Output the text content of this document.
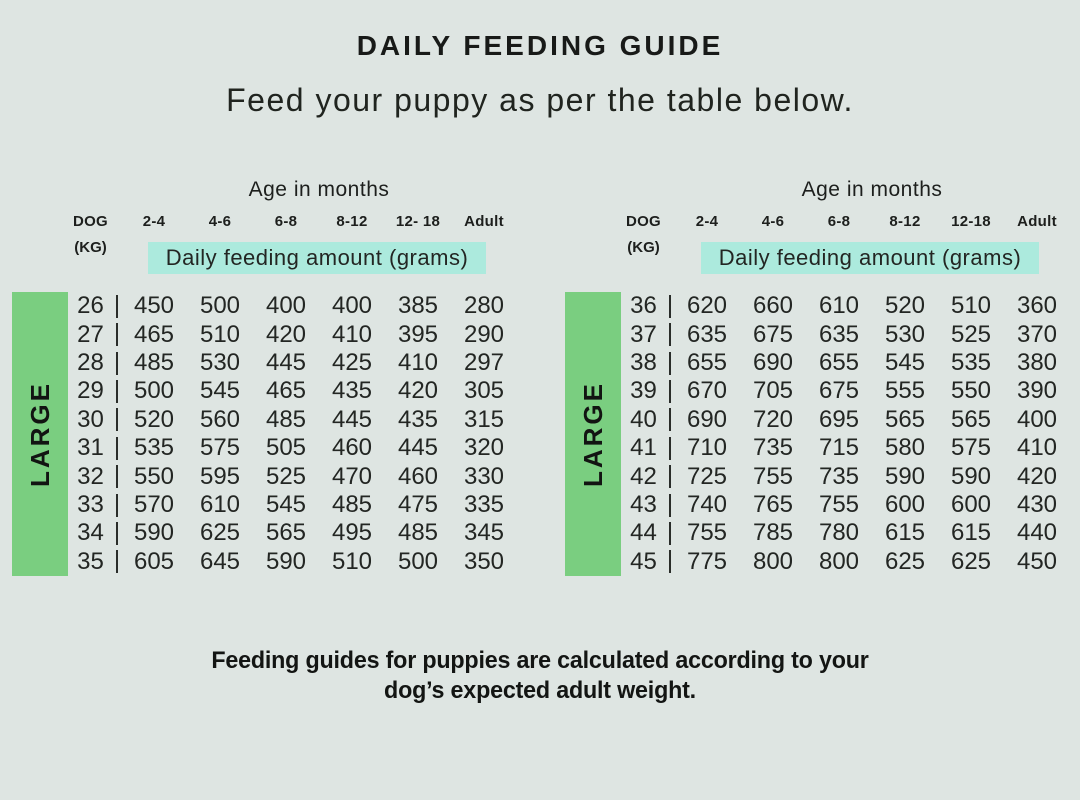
DAILY FEEDING GUIDE
Feed your puppy as per the table below.
Age in months
DOG	2-4	4-6	6-8	8-12	12- 18	Adult
(KG)	Daily feeding amount (grams)
LARGE
26	450	500	400	400	385	280
27	465	510	420	410	395	290
28	485	530	445	425	410	297
29	500	545	465	435	420	305
30	520	560	485	445	435	315
31	535	575	505	460	445	320
32	550	595	525	470	460	330
33	570	610	545	485	475	335
34	590	625	565	495	485	345
35	605	645	590	510	500	350
Age in months
DOG	2-4	4-6	6-8	8-12	12-18	Adult
(KG)	Daily feeding amount (grams)
LARGE
36	620	660	610	520	510	360
37	635	675	635	530	525	370
38	655	690	655	545	535	380
39	670	705	675	555	550	390
40	690	720	695	565	565	400
41	710	735	715	580	575	410
42	725	755	735	590	590	420
43	740	765	755	600	600	430
44	755	785	780	615	615	440
45	775	800	800	625	625	450
Feeding guides for puppies are calculated according to your
dog’s expected adult weight.
